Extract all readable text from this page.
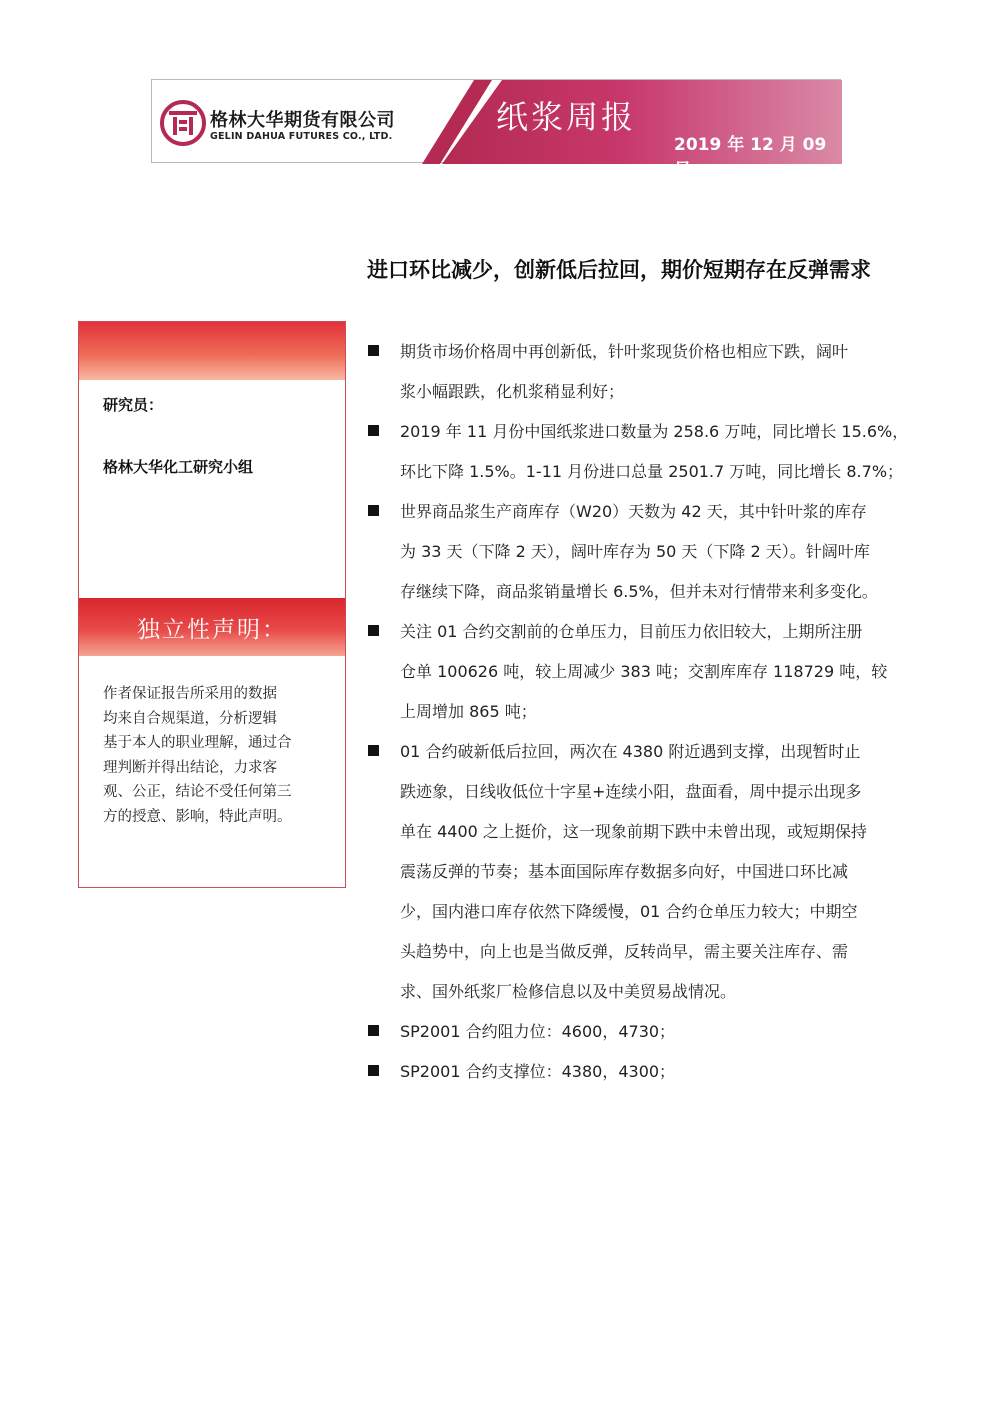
格林大华期货有限公司
GELIN DAHUA FUTURES CO., LTD.
纸浆周报
2019 年 12 月 09 日
进口环比减少，创新低后拉回，期价短期存在反弹需求
研究员：
格林大华化工研究小组
独立性声明：
作者保证报告所采用的数据
均来自合规渠道，分析逻辑
基于本人的职业理解，通过合
理判断并得出结论，力求客
观、公正，结论不受任何第三
方的授意、影响，特此声明。
期货市场价格周中再创新低，针叶浆现货价格也相应下跌，阔叶
浆小幅跟跌，化机浆稍显利好；
2019 年 11 月份中国纸浆进口数量为 258.6 万吨，同比增长 15.6%，
环比下降 1.5%。1-11 月份进口总量 2501.7 万吨，同比增长 8.7%；
世界商品浆生产商库存（W20）天数为 42 天，其中针叶浆的库存
为 33 天（下降 2 天），阔叶库存为 50 天（下降 2 天）。针阔叶库
存继续下降，商品浆销量增长 6.5%，但并未对行情带来利多变化。
关注 01 合约交割前的仓单压力，目前压力依旧较大，上期所注册
仓单 100626 吨，较上周减少 383 吨；交割库库存 118729 吨，较
上周增加 865 吨；
01 合约破新低后拉回，两次在 4380 附近遇到支撑，出现暂时止
跌迹象，日线收低位十字星+连续小阳，盘面看，周中提示出现多
单在 4400 之上挺价，这一现象前期下跌中未曾出现，或短期保持
震荡反弹的节奏；基本面国际库存数据多向好，中国进口环比减
少，国内港口库存依然下降缓慢，01 合约仓单压力较大；中期空
头趋势中，向上也是当做反弹，反转尚早，需主要关注库存、需
求、国外纸浆厂检修信息以及中美贸易战情况。
SP2001 合约阻力位：4600，4730；
SP2001 合约支撑位：4380，4300；
